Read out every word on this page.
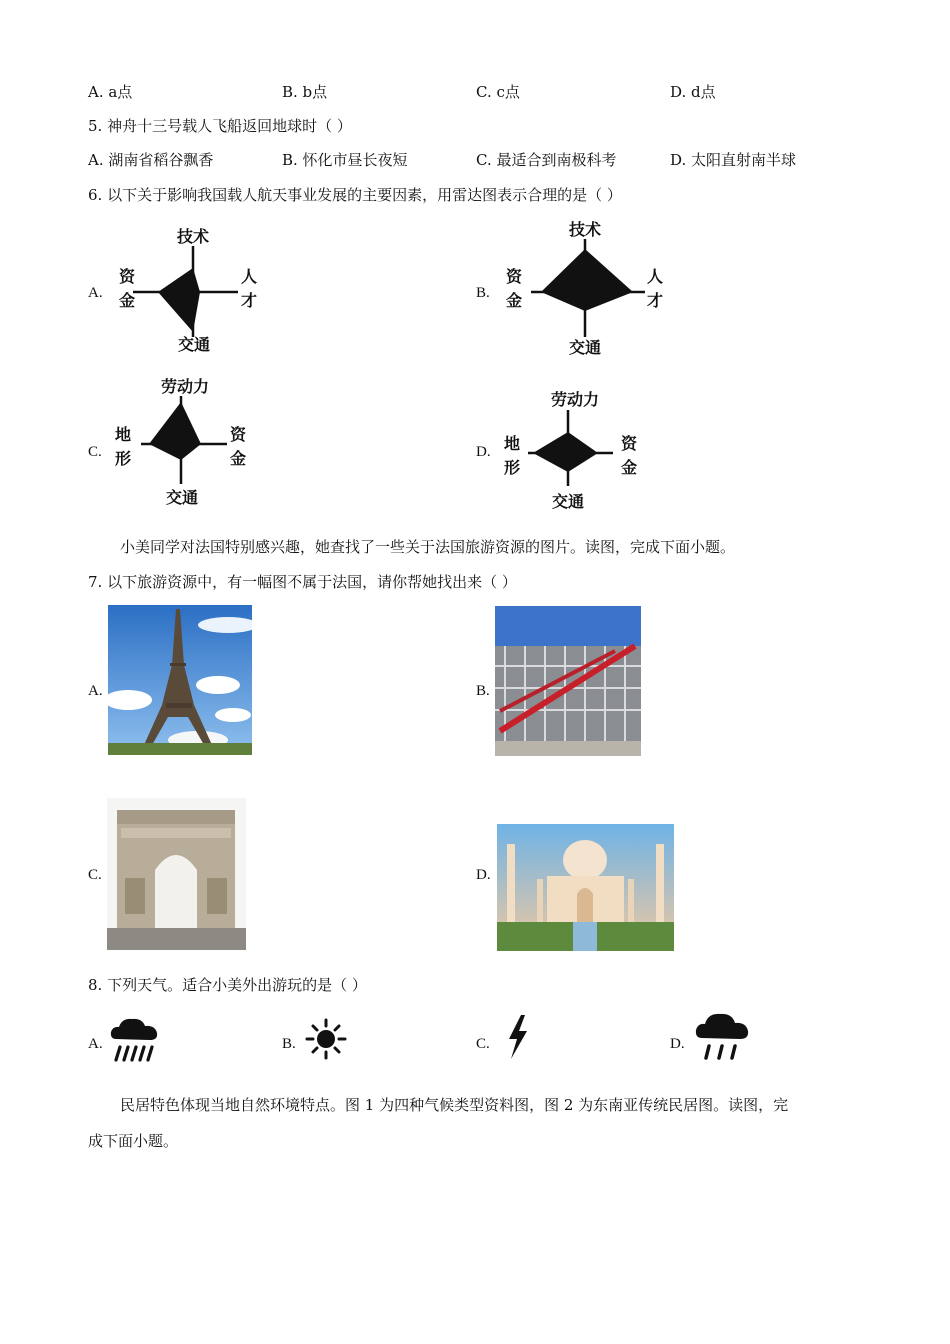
A. a点	B. b点	C. c点	D. d点
5. 神舟十三号载人飞船返回地球时（ ）
A. 湖南省稻谷飘香	B. 怀化市昼长夜短	C. 最适合到南极科考	D. 太阳直射南半球
6. 以下关于影响我国载人航天事业发展的主要因素，用雷达图表示合理的是（ ）
A.
技术
资
金
人
才
交通
B.
技术
资
金
人
才
交通
C.
劳动力
地
形
资
金
交通
D.
劳动力
地
形
资
金
交通
小美同学对法国特别感兴趣，她查找了一些关于法国旅游资源的图片。读图，完成下面小题。
7. 以下旅游资源中，有一幅图不属于法国，请你帮她找出来（ ）
A.	B.
C.	D.
8. 下列天气。适合小美外出游玩的是（ ）
A.	B.	C.	D.
民居特色体现当地自然环境特点。图 1 为四种气候类型资料图，图 2 为东南亚传统民居图。读图，完
成下面小题。
